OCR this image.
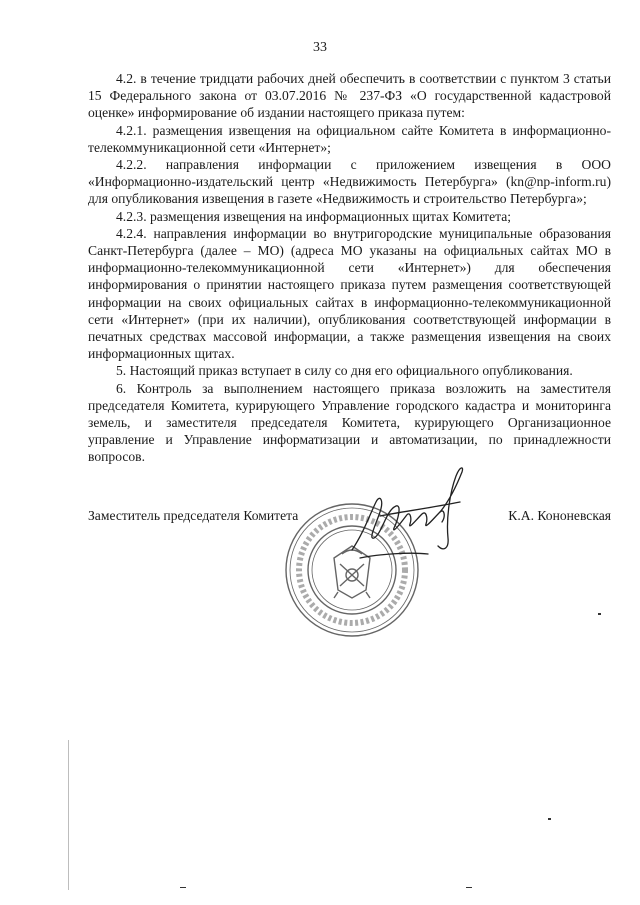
33

4.2. в течение тридцати рабочих дней обеспечить в соответствии с пунктом 3 статьи 15 Федерального закона от 03.07.2016 № 237-ФЗ «О государственной кадастровой оценке» информирование об издании настоящего приказа путем:

4.2.1. размещения извещения на официальном сайте Комитета в информационно-телекоммуникационной сети «Интернет»;

4.2.2. направления информации с приложением извещения в ООО «Информационно-издательский центр «Недвижимость Петербурга» (kn@np-inform.ru) для опубликования извещения в газете «Недвижимость и строительство Петербурга»;

4.2.3. размещения извещения на информационных щитах Комитета;

4.2.4. направления информации во внутригородские муниципальные образования Санкт-Петербурга (далее – МО) (адреса МО указаны на официальных сайтах МО в информационно-телекоммуникационной сети «Интернет») для обеспечения информирования о принятии настоящего приказа путем размещения соответствующей информации на своих официальных сайтах в информационно-телекоммуникационной сети «Интернет» (при их наличии), опубликования соответствующей информации в печатных средствах массовой информации, а также размещения извещения на своих информационных щитах.

5. Настоящий приказ вступает в силу со дня его официального опубликования.

6. Контроль за выполнением настоящего приказа возложить на заместителя председателя Комитета, курирующего Управление городского кадастра и мониторинга земель, и заместителя председателя Комитета, курирующего Организационное управление и Управление информатизации и автоматизации, по принадлежности вопросов.

Заместитель председателя Комитета	К.А. Кононевская
